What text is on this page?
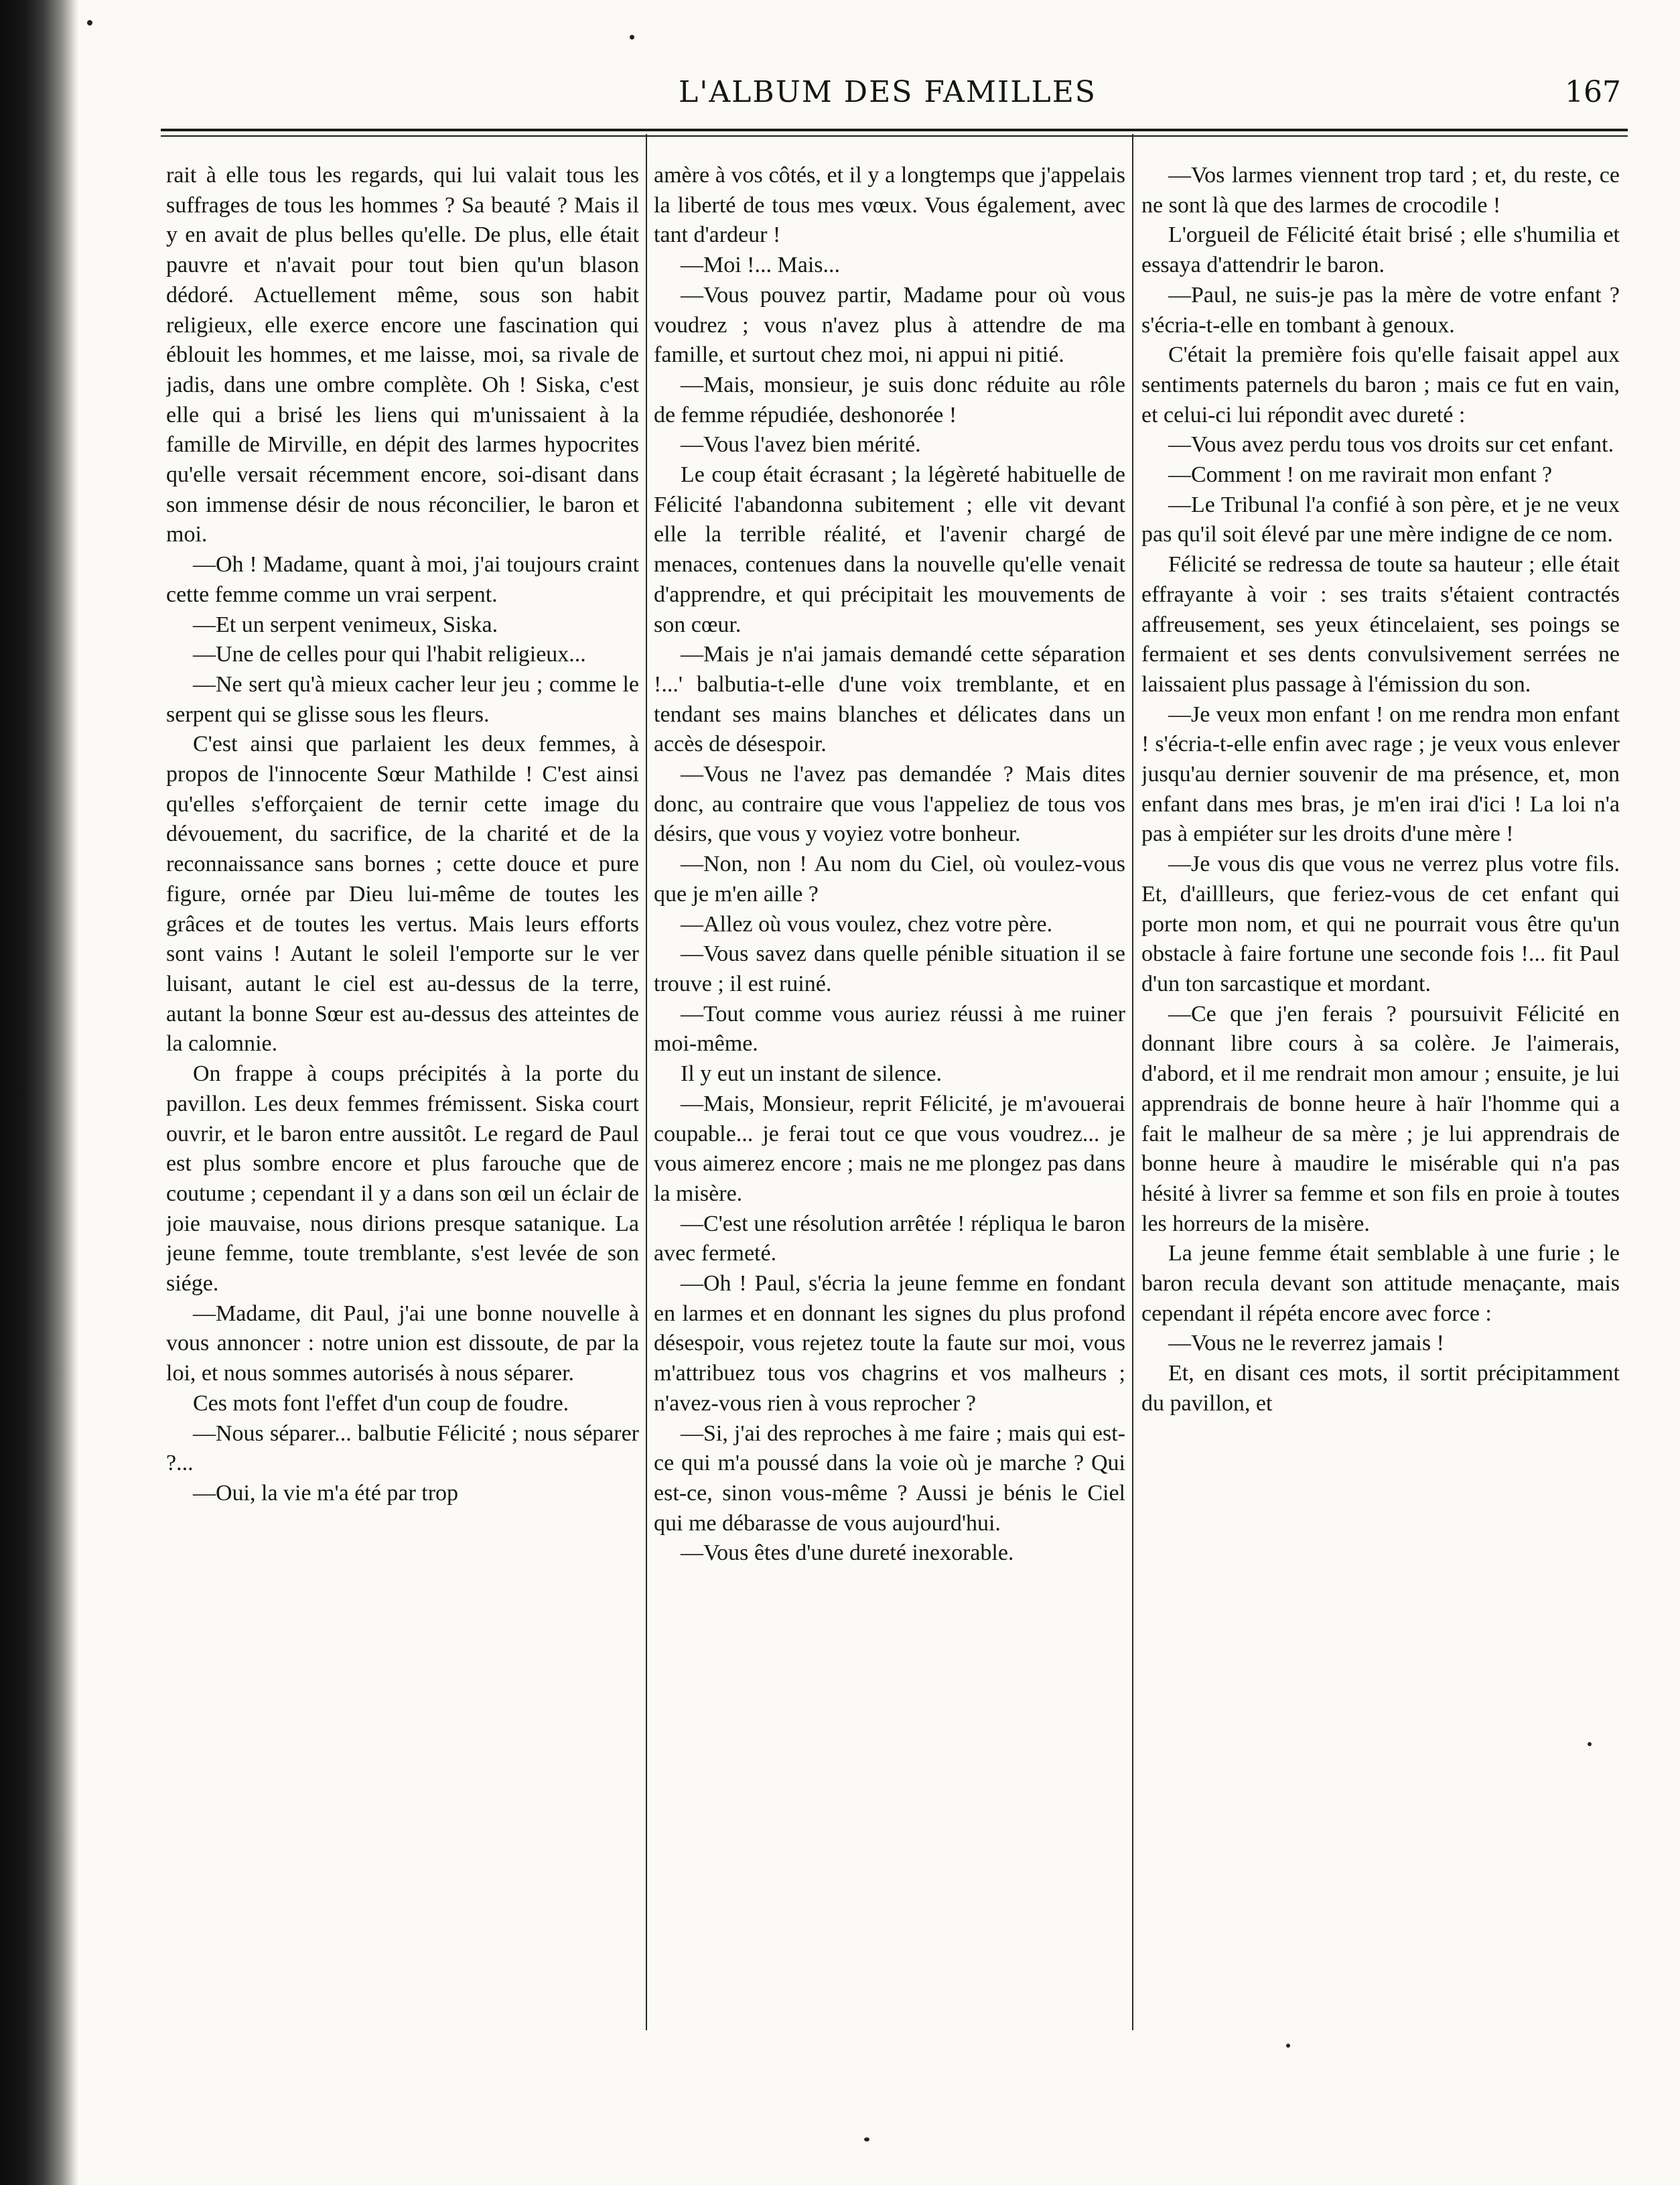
L'ALBUM DES FAMILLES	167

rait à elle tous les regards, qui lui valait tous les suffrages de tous les hommes ? Sa beauté ? Mais il y en avait de plus belles qu'elle. De plus, elle était pauvre et n'avait pour tout bien qu'un blason dédoré. Actuellement même, sous son habit religieux, elle exerce encore une fascination qui éblouit les hommes, et me laisse, moi, sa rivale de jadis, dans une ombre complète. Oh ! Siska, c'est elle qui a brisé les liens qui m'unissaient à la famille de Mirville, en dépit des larmes hypocrites qu'elle versait récemment encore, soi-disant dans son immense désir de nous réconcilier, le baron et moi.

—Oh ! Madame, quant à moi, j'ai toujours craint cette femme comme un vrai serpent.

—Et un serpent venimeux, Siska.

—Une de celles pour qui l'habit religieux...

—Ne sert qu'à mieux cacher leur jeu ; comme le serpent qui se glisse sous les fleurs.

C'est ainsi que parlaient les deux femmes, à propos de l'innocente Sœur Mathilde ! C'est ainsi qu'elles s'efforçaient de ternir cette image du dévouement, du sacrifice, de la charité et de la reconnaissance sans bornes ; cette douce et pure figure, ornée par Dieu lui-même de toutes les grâces et de toutes les vertus. Mais leurs efforts sont vains ! Autant le soleil l'emporte sur le ver luisant, autant le ciel est au-dessus de la terre, autant la bonne Sœur est au-dessus des atteintes de la calomnie.

On frappe à coups précipités à la porte du pavillon. Les deux femmes frémissent. Siska court ouvrir, et le baron entre aussitôt. Le regard de Paul est plus sombre encore et plus farouche que de coutume ; cependant il y a dans son œil un éclair de joie mauvaise, nous dirions presque satanique. La jeune femme, toute tremblante, s'est levée de son siége.

—Madame, dit Paul, j'ai une bonne nouvelle à vous annoncer : notre union est dissoute, de par la loi, et nous sommes autorisés à nous séparer.

Ces mots font l'effet d'un coup de foudre.

—Nous séparer... balbutie Félicité ; nous séparer ?...

—Oui, la vie m'a été par trop

amère à vos côtés, et il y a longtemps que j'appelais la liberté de tous mes vœux. Vous également, avec tant d'ardeur !

—Moi !... Mais...

—Vous pouvez partir, Madame pour où vous voudrez ; vous n'avez plus à attendre de ma famille, et surtout chez moi, ni appui ni pitié.

—Mais, monsieur, je suis donc réduite au rôle de femme répudiée, deshonorée !

—Vous l'avez bien mérité.

Le coup était écrasant ; la légèreté habituelle de Félicité l'abandonna subitement ; elle vit devant elle la terrible réalité, et l'avenir chargé de menaces, contenues dans la nouvelle qu'elle venait d'apprendre, et qui précipitait les mouvements de son cœur.

—Mais je n'ai jamais demandé cette séparation !...' balbutia-t-elle d'une voix tremblante, et en tendant ses mains blanches et délicates dans un accès de désespoir.

—Vous ne l'avez pas demandée ? Mais dites donc, au contraire que vous l'appeliez de tous vos désirs, que vous y voyiez votre bonheur.

—Non, non ! Au nom du Ciel, où voulez-vous que je m'en aille ?

—Allez où vous voulez, chez votre père.

—Vous savez dans quelle pénible situation il se trouve ; il est ruiné.

—Tout comme vous auriez réussi à me ruiner moi-même.

Il y eut un instant de silence.

—Mais, Monsieur, reprit Félicité, je m'avouerai coupable... je ferai tout ce que vous voudrez... je vous aimerez encore ; mais ne me plongez pas dans la misère.

—C'est une résolution arrêtée ! répliqua le baron avec fermeté.

—Oh ! Paul, s'écria la jeune femme en fondant en larmes et en donnant les signes du plus profond désespoir, vous rejetez toute la faute sur moi, vous m'attribuez tous vos chagrins et vos malheurs ; n'avez-vous rien à vous reprocher ?

—Si, j'ai des reproches à me faire ; mais qui est-ce qui m'a poussé dans la voie où je marche ? Qui est-ce, sinon vous-même ? Aussi je bénis le Ciel qui me débarasse de vous aujourd'hui.

—Vous êtes d'une dureté inexorable.

—Vos larmes viennent trop tard ; et, du reste, ce ne sont là que des larmes de crocodile !

L'orgueil de Félicité était brisé ; elle s'humilia et essaya d'attendrir le baron.

—Paul, ne suis-je pas la mère de votre enfant ? s'écria-t-elle en tombant à genoux.

C'était la première fois qu'elle faisait appel aux sentiments paternels du baron ; mais ce fut en vain, et celui-ci lui répondit avec dureté :

—Vous avez perdu tous vos droits sur cet enfant.

—Comment ! on me ravirait mon enfant ?

—Le Tribunal l'a confié à son père, et je ne veux pas qu'il soit élevé par une mère indigne de ce nom.

Félicité se redressa de toute sa hauteur ; elle était effrayante à voir : ses traits s'étaient contractés affreusement, ses yeux étincelaient, ses poings se fermaient et ses dents convulsivement serrées ne laissaient plus passage à l'émission du son.

—Je veux mon enfant ! on me rendra mon enfant ! s'écria-t-elle enfin avec rage ; je veux vous enlever jusqu'au dernier souvenir de ma présence, et, mon enfant dans mes bras, je m'en irai d'ici ! La loi n'a pas à empiéter sur les droits d'une mère !

—Je vous dis que vous ne verrez plus votre fils. Et, d'aillleurs, que feriez-vous de cet enfant qui porte mon nom, et qui ne pourrait vous être qu'un obstacle à faire fortune une seconde fois !... fit Paul d'un ton sarcastique et mordant.

—Ce que j'en ferais ? poursuivit Félicité en donnant libre cours à sa colère. Je l'aimerais, d'abord, et il me rendrait mon amour ; ensuite, je lui apprendrais de bonne heure à haïr l'homme qui a fait le malheur de sa mère ; je lui apprendrais de bonne heure à maudire le misérable qui n'a pas hésité à livrer sa femme et son fils en proie à toutes les horreurs de la misère.

La jeune femme était semblable à une furie ; le baron recula devant son attitude menaçante, mais cependant il répéta encore avec force :

—Vous ne le reverrez jamais !

Et, en disant ces mots, il sortit précipitamment du pavillon, et
